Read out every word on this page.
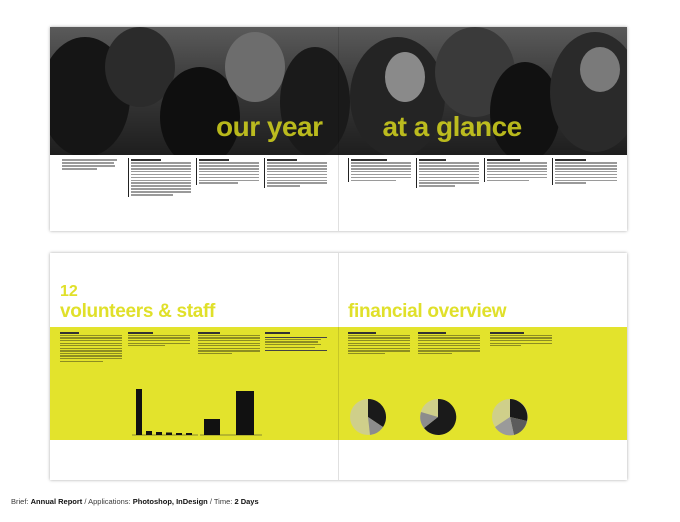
our year at a glance
12
volunteers & staff	financial overview
Brief: Annual Report / Applications: Photoshop, InDesign / Time: 2 Days
